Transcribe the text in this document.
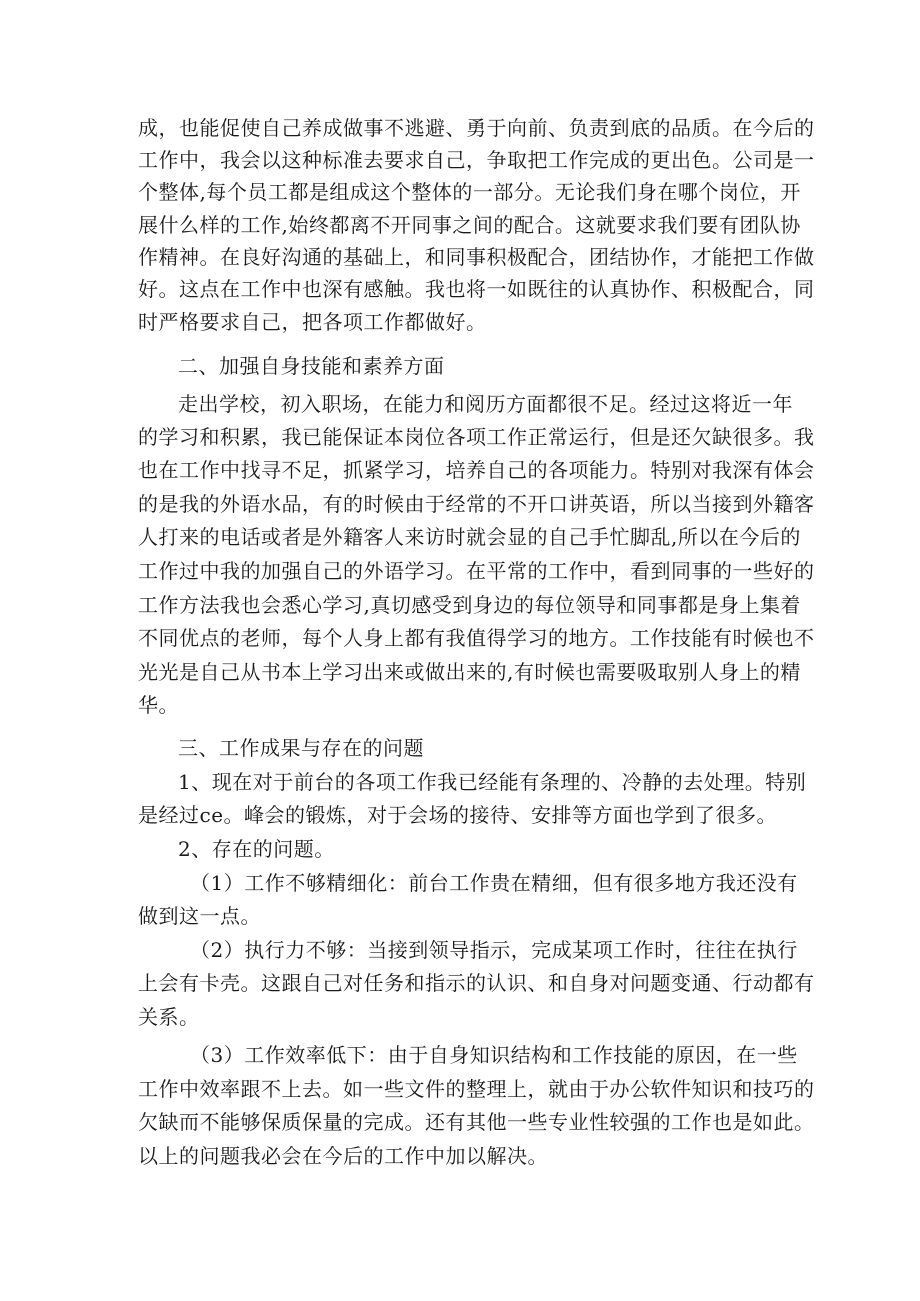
成，也能促使自己养成做事不逃避、勇于向前、负责到底的品质。在今后的
工作中，我会以这种标准去要求自己，争取把工作完成的更出色。公司是一
个整体,每个员工都是组成这个整体的一部分。无论我们身在哪个岗位，开
展什么样的工作,始终都离不开同事之间的配合。这就要求我们要有团队协
作精神。在良好沟通的基础上，和同事积极配合，团结协作，才能把工作做
好。这点在工作中也深有感触。我也将一如既往的认真协作、积极配合，同
时严格要求自己，把各项工作都做好。
二、加强自身技能和素养方面
走出学校，初入职场，在能力和阅历方面都很不足。经过这将近一年
的学习和积累，我已能保证本岗位各项工作正常运行，但是还欠缺很多。我
也在工作中找寻不足，抓紧学习，培养自己的各项能力。特别对我深有体会
的是我的外语水品，有的时候由于经常的不开口讲英语，所以当接到外籍客
人打来的电话或者是外籍客人来访时就会显的自己手忙脚乱,所以在今后的
工作过中我的加强自己的外语学习。在平常的工作中，看到同事的一些好的
工作方法我也会悉心学习,真切感受到身边的每位领导和同事都是身上集着
不同优点的老师，每个人身上都有我值得学习的地方。工作技能有时候也不
光光是自己从书本上学习出来或做出来的,有时候也需要吸取别人身上的精
华。
三、工作成果与存在的问题
1、现在对于前台的各项工作我已经能有条理的、冷静的去处理。特别
是经过ce。峰会的锻炼，对于会场的接待、安排等方面也学到了很多。
2、存在的问题。
（1）工作不够精细化：前台工作贵在精细，但有很多地方我还没有
做到这一点。
（2）执行力不够：当接到领导指示，完成某项工作时，往往在执行
上会有卡壳。这跟自己对任务和指示的认识、和自身对问题变通、行动都有
关系。
（3）工作效率低下：由于自身知识结构和工作技能的原因，在一些
工作中效率跟不上去。如一些文件的整理上，就由于办公软件知识和技巧的
欠缺而不能够保质保量的完成。还有其他一些专业性较强的工作也是如此。
以上的问题我必会在今后的工作中加以解决。
